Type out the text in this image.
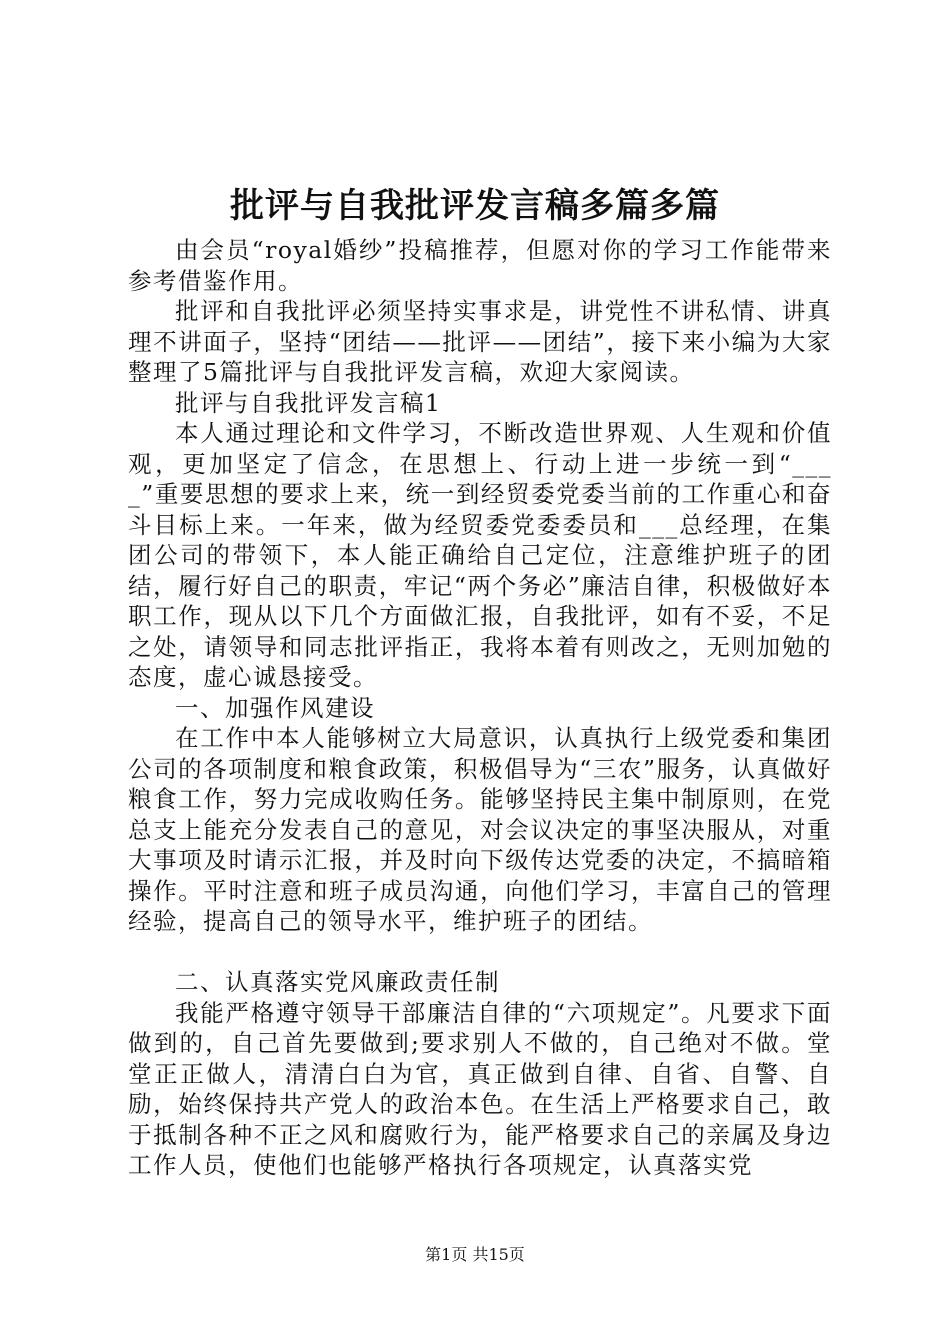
批评与自我批评发言稿多篇多篇

由会员“royal婚纱”投稿推荐，但愿对你的学习工作能带来参考借鉴作用。

批评和自我批评必须坚持实事求是，讲党性不讲私情、讲真理不讲面子，坚持“团结——批评——团结”，接下来小编为大家整理了5篇批评与自我批评发言稿，欢迎大家阅读。

批评与自我批评发言稿1

本人通过理论和文件学习，不断改造世界观、人生观和价值观，更加坚定了信念，在思想上、行动上进一步统一到“____”重要思想的要求上来，统一到经贸委党委当前的工作重心和奋斗目标上来。一年来，做为经贸委党委委员和___总经理，在集团公司的带领下，本人能正确给自己定位，注意维护班子的团结，履行好自己的职责，牢记“两个务必”廉洁自律，积极做好本职工作，现从以下几个方面做汇报，自我批评，如有不妥，不足之处，请领导和同志批评指正，我将本着有则改之，无则加勉的态度，虚心诚恳接受。

一、加强作风建设

在工作中本人能够树立大局意识，认真执行上级党委和集团公司的各项制度和粮食政策，积极倡导为“三农”服务，认真做好粮食工作，努力完成收购任务。能够坚持民主集中制原则，在党总支上能充分发表自己的意见，对会议决定的事坚决服从，对重大事项及时请示汇报，并及时向下级传达党委的决定，不搞暗箱操作。平时注意和班子成员沟通，向他们学习，丰富自己的管理经验，提高自己的领导水平，维护班子的团结。

二、认真落实党风廉政责任制

我能严格遵守领导干部廉洁自律的“六项规定”。凡要求下面做到的，自己首先要做到;要求别人不做的，自己绝对不做。堂堂正正做人，清清白白为官，真正做到自律、自省、自警、自励，始终保持共产党人的政治本色。在生活上严格要求自己，敢于抵制各种不正之风和腐败行为，能严格要求自己的亲属及身边工作人员，使他们也能够严格执行各项规定，认真落实党

第1页 共15页
